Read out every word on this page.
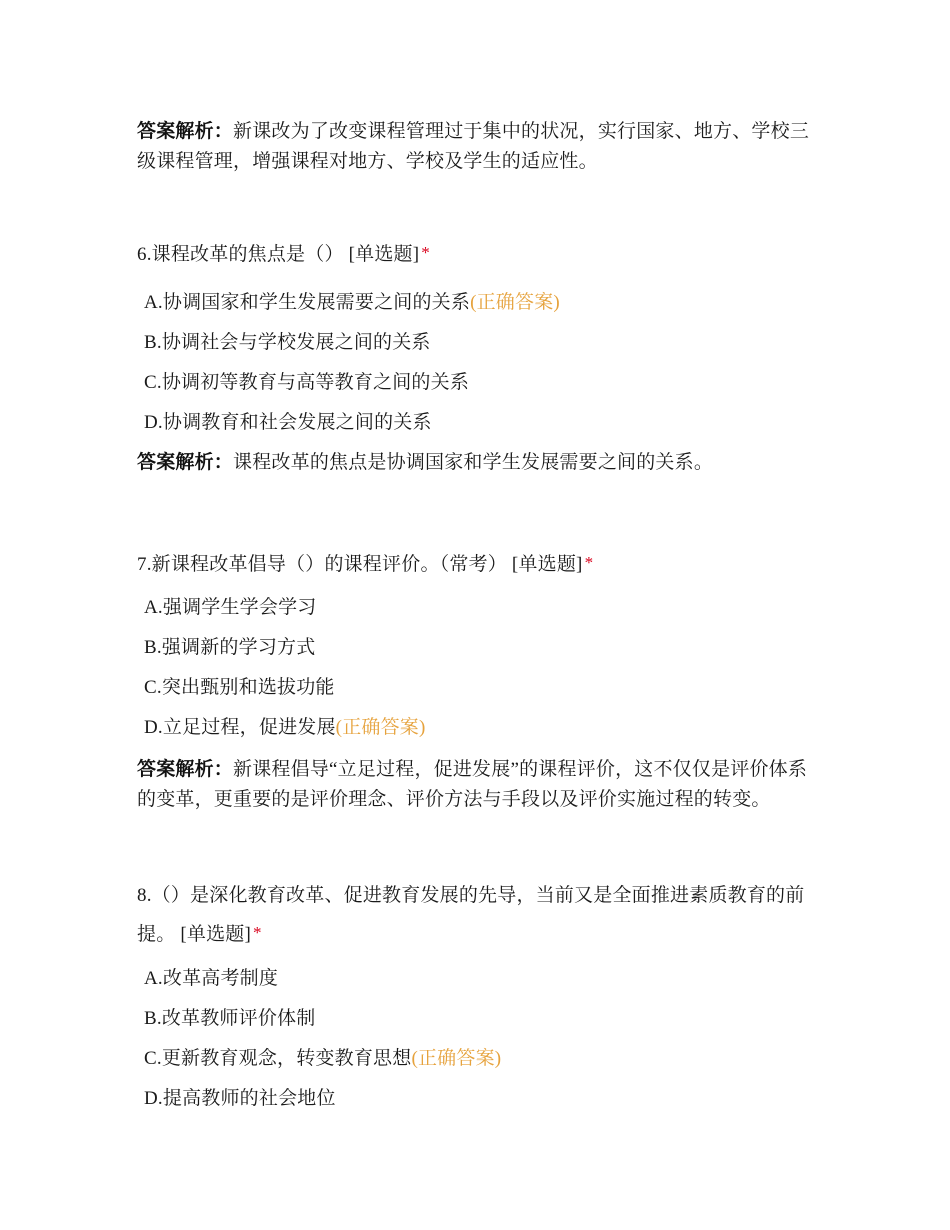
答案解析：新课改为了改变课程管理过于集中的状况，实行国家、地方、学校三级课程管理，增强课程对地方、学校及学生的适应性。
6.课程改革的焦点是（） [单选题] *
A.协调国家和学生发展需要之间的关系(正确答案)
B.协调社会与学校发展之间的关系
C.协调初等教育与高等教育之间的关系
D.协调教育和社会发展之间的关系
答案解析：课程改革的焦点是协调国家和学生发展需要之间的关系。
7.新课程改革倡导（）的课程评价。（常考） [单选题] *
A.强调学生学会学习
B.强调新的学习方式
C.突出甄别和选拔功能
D.立足过程，促进发展(正确答案)
答案解析：新课程倡导“立足过程，促进发展”的课程评价，这不仅仅是评价体系的变革，更重要的是评价理念、评价方法与手段以及评价实施过程的转变。
8.（）是深化教育改革、促进教育发展的先导，当前又是全面推进素质教育的前提。 [单选题] *
A.改革高考制度
B.改革教师评价体制
C.更新教育观念，转变教育思想(正确答案)
D.提高教师的社会地位
